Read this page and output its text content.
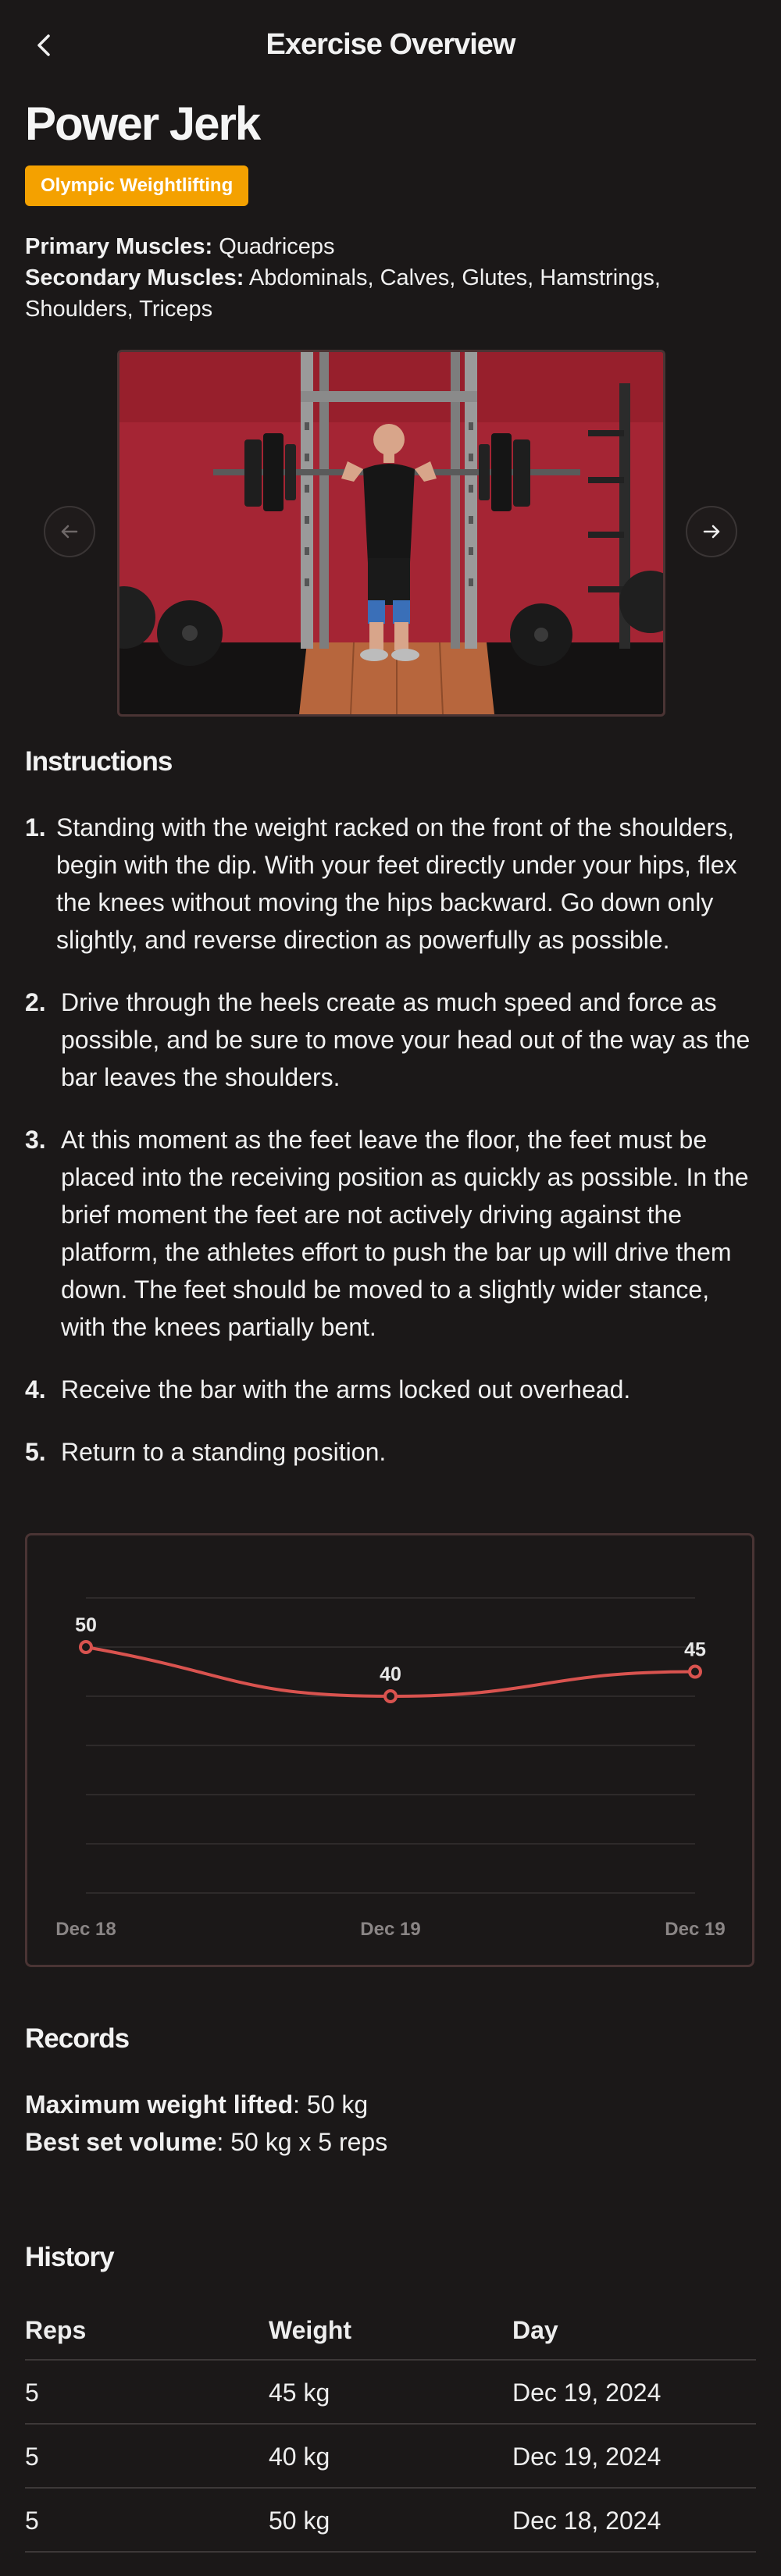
Exercise Overview
Power Jerk
Olympic Weightlifting
Primary Muscles: Quadriceps
Secondary Muscles: Abdominals, Calves, Glutes, Hamstrings, Shoulders, Triceps
Instructions
1. Standing with the weight racked on the front of the shoulders, begin with the dip. With your feet directly under your hips, flex the knees without moving the hips backward. Go down only slightly, and reverse direction as powerfully as possible.
2. Drive through the heels create as much speed and force as possible, and be sure to move your head out of the way as the bar leaves the shoulders.
3. At this moment as the feet leave the floor, the feet must be placed into the receiving position as quickly as possible. In the brief moment the feet are not actively driving against the platform, the athletes effort to push the bar up will drive them down. The feet should be moved to a slightly wider stance, with the knees partially bent.
4. Receive the bar with the arms locked out overhead.
5. Return to a standing position.
50
40
45
Dec 18	Dec 19	Dec 19
Records
Maximum weight lifted: 50 kg
Best set volume: 50 kg x 5 reps
History
Reps	Weight	Day
5	45 kg	Dec 19, 2024
5	40 kg	Dec 19, 2024
5	50 kg	Dec 18, 2024
